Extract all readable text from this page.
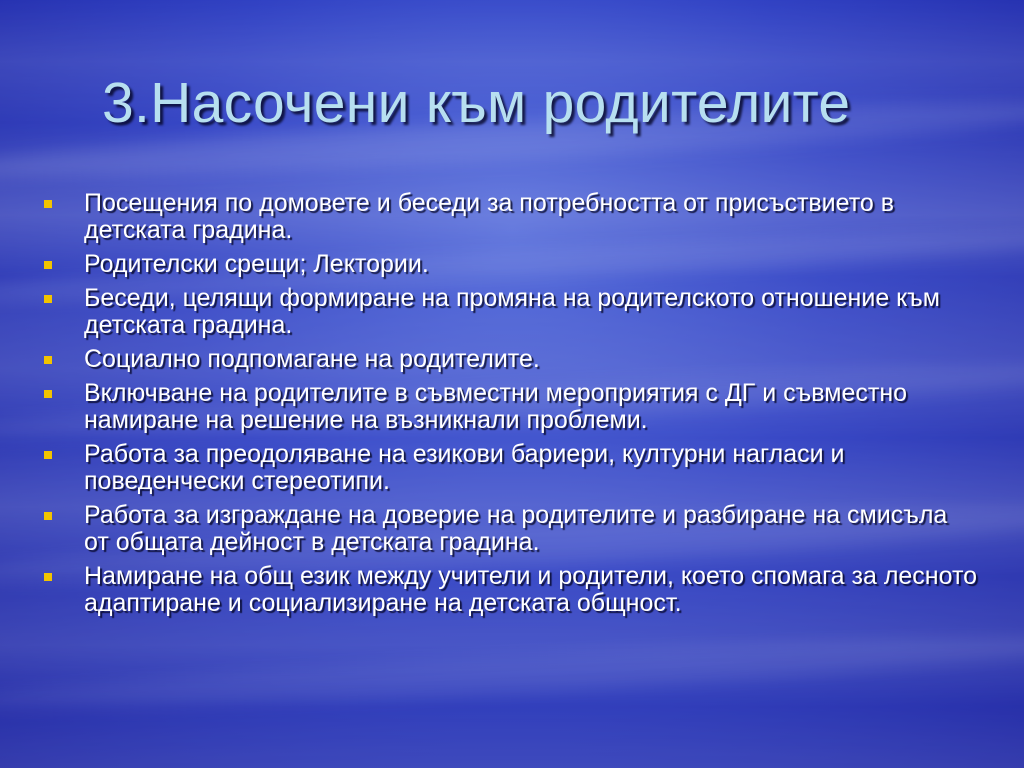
3.Насочени към родителите
Посещения по домовете и беседи за потребността от присъствието в детската градина.
Родителски срещи; Лектории.
Беседи, целящи формиране на промяна на родителското отношение към детската градина.
Социално подпомагане на родителите.
Включване на родителите в съвместни мероприятия с ДГ и съвместно намиране на решение на възникнали проблеми.
Работа за преодоляване на езикови бариери, културни нагласи и поведенчески стереотипи.
Работа за изграждане на доверие на родителите и разбиране на смисъла от общата дейност в детската градина.
Намиране на общ език между учители и родители, което спомага за лесното адаптиране и социализиране на детската общност.
